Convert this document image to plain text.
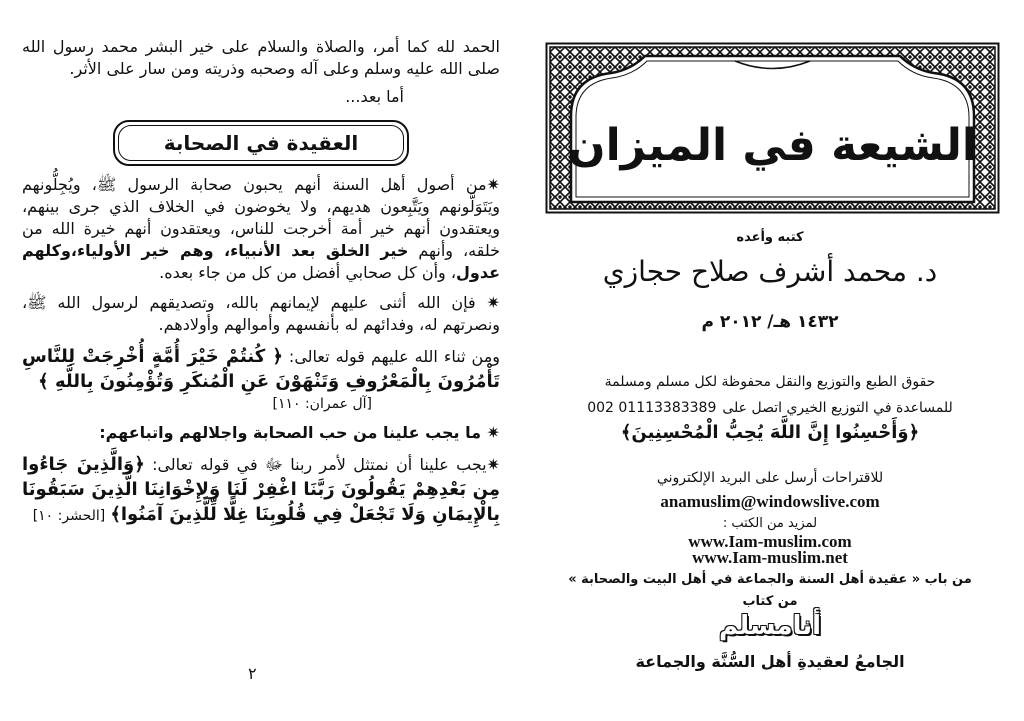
الحمد لله كما أمر، والصلاة والسلام على خير البشر محمد رسول الله صلى الله عليه وسلم وعلى آله وصحبه وذريته ومن سار على الأثر.

أما بعد...
العقيدة في الصحابة

✷من أصول أهل السنة أنهم يحبون صحابة الرسول ﷺ، ويُجِلُّونهم ويَتَوَلَّونهم ويَتَّبِعون هديهم، ولا يخوضون في الخلاف الذي جرى بينهم، ويعتقدون أنهم خير أمة أخرجت للناس، ويعتقدون أنهم خيرة الله من خلقه، وأنهم خير الخلق بعد الأنبياء، وهم خير الأولياء،وكلهم عدول، وأن كل صحابي أفضل من كل من جاء بعده.

✷ فإن الله أثنى عليهم لإيمانهم بالله، وتصديقهم لرسول الله ﷺ، ونصرتهم له، وفدائهم له بأنفسهم وأموالهم وأولادهم.

ومن ثناء الله عليهم قوله تعالى: ﴿ كُنتُمْ خَيْرَ أُمَّةٍ أُخْرِجَتْ لِلنَّاسِ تَأْمُرُونَ بِالْمَعْرُوفِ وَتَنْهَوْنَ عَنِ الْمُنكَرِ وَتُؤْمِنُونَ بِاللَّهِ ﴾

[آل عمران: ١١٠]
✷ ما يجب علينا من حب الصحابة واجلالهم واتباعهم:

✷يجب علينا أن نمتثل لأمر ربنا ﷻ في قوله تعالى: ﴿وَالَّذِينَ جَاءُوا مِن بَعْدِهِمْ يَقُولُونَ رَبَّنَا اغْفِرْ لَنَا وَلِإِخْوَانِنَا الَّذِينَ سَبَقُونَا بِالْإِيمَانِ وَلَا تَجْعَلْ فِي قُلُوبِنَا غِلًّا لِّلَّذِينَ آمَنُوا﴾ [الحشر: ١٠]

٢
الشيعة في الميزان
كتبه وأعده
د. محمد أشرف صلاح حجازي
١٤٣٢ هـ/ ٢٠١٢ م
حقوق الطبع والتوزيع والنقل محفوظة لكل مسلم ومسلمة
للمساعدة في التوزيع الخيري اتصل على002 01113383389
﴿وَأَحْسِنُوا إِنَّ اللَّهَ يُحِبُّ الْمُحْسِنِينَ﴾
للاقتراحات أرسل على البريد الإلكتروني
anamuslim@windowslive.com
لمزيد من الكتب :
www.Iam-muslim.com
www.Iam-muslim.net
من باب « عقيدة أهل السنة والجماعة في أهل البيت والصحابة »
من كتاب
أنامسلم
الجامعُ لعقيدةِ أهل السُّنَّة والجماعة
